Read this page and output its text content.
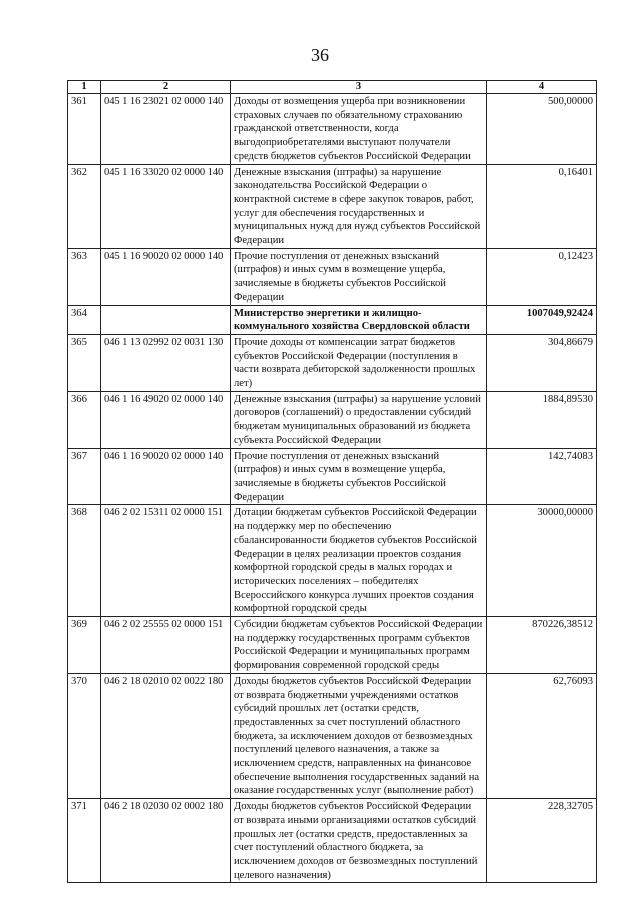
36
1	2	3	4
361	045 1 16 23021 02 0000 140	Доходы от возмещения ущерба при возникновении страховых случаев по обязательному страхованию гражданской ответственности, когда выгодоприобретателями выступают получатели средств бюджетов субъектов Российской Федерации	500,00000
362	045 1 16 33020 02 0000 140	Денежные взыскания (штрафы) за нарушение законодательства Российской Федерации о контрактной системе в сфере закупок товаров, работ, услуг для обеспечения государственных и муниципальных нужд для нужд субъектов Российской Федерации	0,16401
363	045 1 16 90020 02 0000 140	Прочие поступления от денежных взысканий (штрафов) и иных сумм в возмещение ущерба, зачисляемые в бюджеты субъектов Российской Федерации	0,12423
364		Министерство энергетики и жилищно-коммунального хозяйства Свердловской области	1007049,92424
365	046 1 13 02992 02 0031 130	Прочие доходы от компенсации затрат бюджетов субъектов Российской Федерации (поступления в части возврата дебиторской задолженности прошлых лет)	304,86679
366	046 1 16 49020 02 0000 140	Денежные взыскания (штрафы) за нарушение условий договоров (соглашений) о предоставлении субсидий бюджетам муниципальных образований из бюджета субъекта Российской Федерации	1884,89530
367	046 1 16 90020 02 0000 140	Прочие поступления от денежных взысканий (штрафов) и иных сумм в возмещение ущерба, зачисляемые в бюджеты субъектов Российской Федерации	142,74083
368	046 2 02 15311 02 0000 151	Дотации бюджетам субъектов Российской Федерации на поддержку мер по обеспечению сбалансированности бюджетов субъектов Российской Федерации в целях реализации проектов создания комфортной городской среды в малых городах и исторических поселениях – победителях Всероссийского конкурса лучших проектов создания комфортной городской среды	30000,00000
369	046 2 02 25555 02 0000 151	Субсидии бюджетам субъектов Российской Федерации на поддержку государственных программ субъектов Российской Федерации и муниципальных программ формирования современной городской среды	870226,38512
370	046 2 18 02010 02 0022 180	Доходы бюджетов субъектов Российской Федерации от возврата бюджетными учреждениями остатков субсидий прошлых лет (остатки средств, предоставленных за счет поступлений областного бюджета, за исключением доходов от безвозмездных поступлений целевого назначения, а также за исключением средств, направленных на финансовое обеспечение выполнения государственных заданий на оказание государственных услуг (выполнение работ)	62,76093
371	046 2 18 02030 02 0002 180	Доходы бюджетов субъектов Российской Федерации от возврата иными организациями остатков субсидий прошлых лет (остатки средств, предоставленных за счет поступлений областного бюджета, за исключением доходов от безвозмездных поступлений целевого назначения)	228,32705
